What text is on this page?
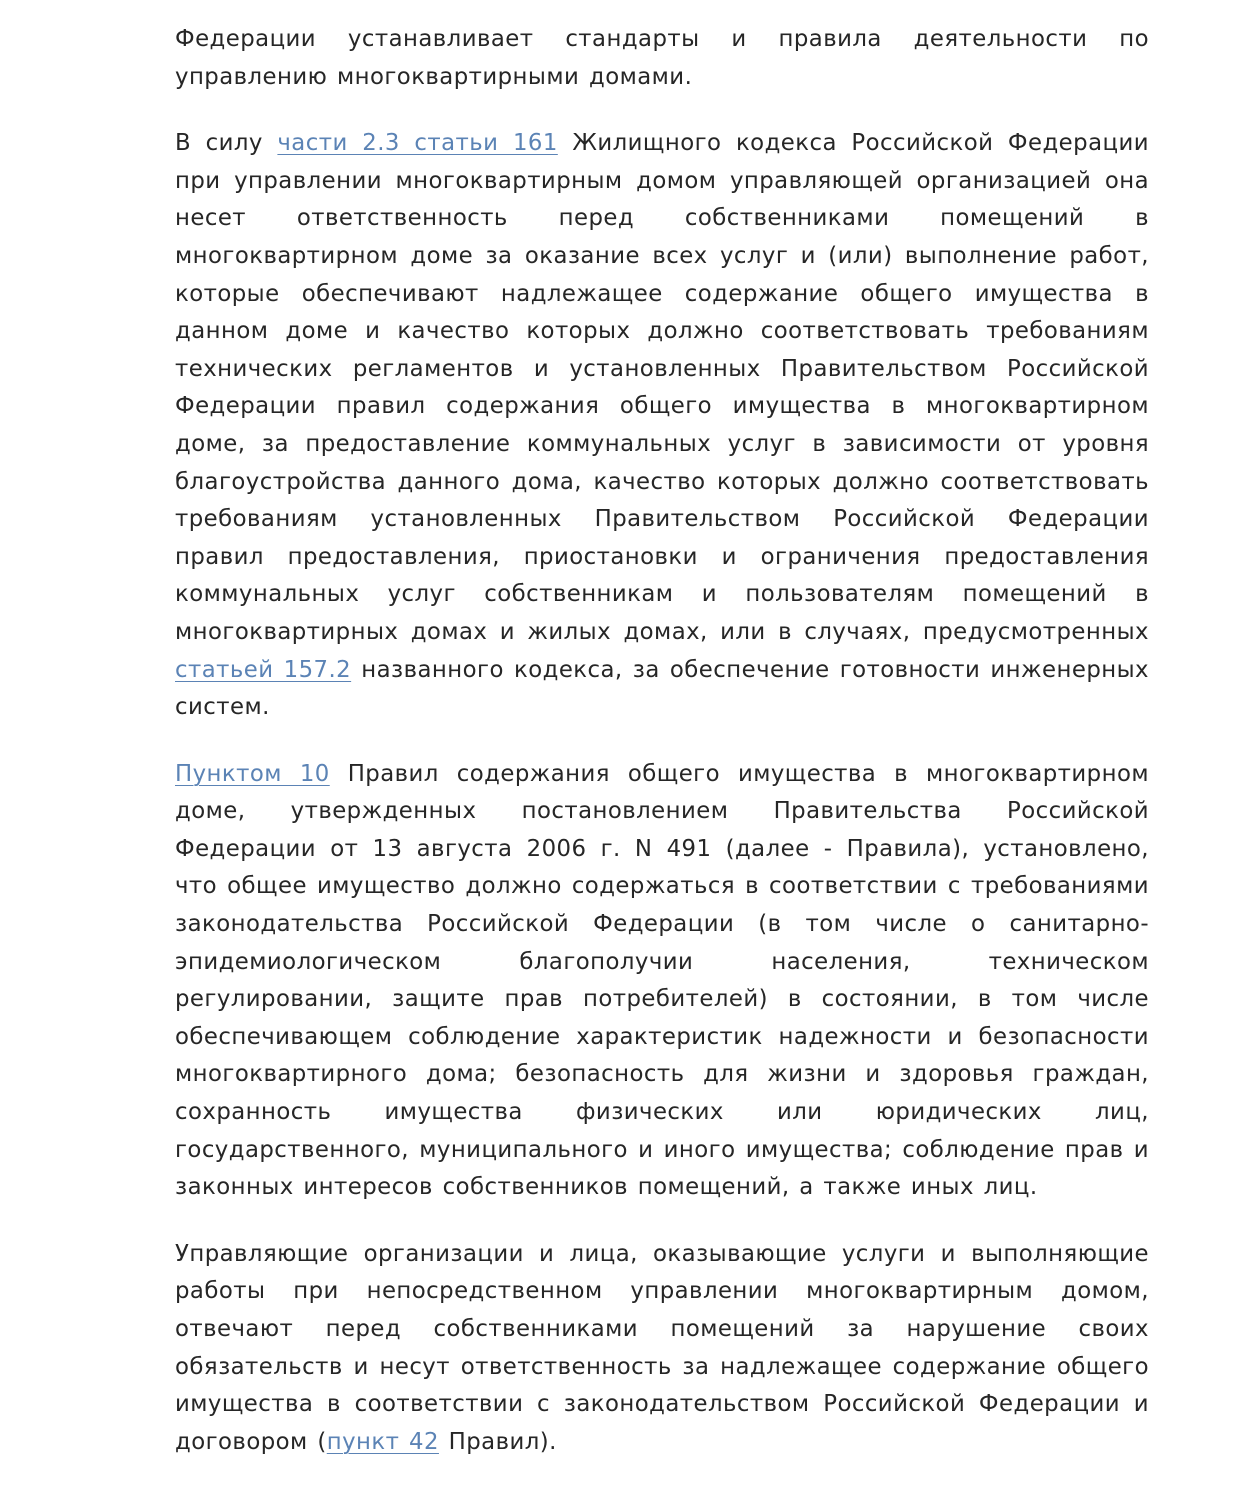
Федерации устанавливает стандарты и правила деятельности по управлению многоквартирными домами.

В силу части 2.3 статьи 161 Жилищного кодекса Российской Федерации при управлении многоквартирным домом управляющей организацией она несет ответственность перед собственниками помещений в многоквартирном доме за оказание всех услуг и (или) выполнение работ, которые обеспечивают надлежащее содержание общего имущества в данном доме и качество которых должно соответствовать требованиям технических регламентов и установленных Правительством Российской Федерации правил содержания общего имущества в многоквартирном доме, за предоставление коммунальных услуг в зависимости от уровня благоустройства данного дома, качество которых должно соответствовать требованиям установленных Правительством Российской Федерации правил предоставления, приостановки и ограничения предоставления коммунальных услуг собственникам и пользователям помещений в многоквартирных домах и жилых домах, или в случаях, предусмотренных статьей 157.2 названного кодекса, за обеспечение готовности инженерных систем.

Пунктом 10 Правил содержания общего имущества в многоквартирном доме, утвержденных постановлением Правительства Российской Федерации от 13 августа 2006 г. N 491 (далее - Правила), установлено, что общее имущество должно содержаться в соответствии с требованиями законодательства Российской Федерации (в том числе о санитарно-эпидемиологическом благополучии населения, техническом регулировании, защите прав потребителей) в состоянии, в том числе обеспечивающем соблюдение характеристик надежности и безопасности многоквартирного дома; безопасность для жизни и здоровья граждан, сохранность имущества физических или юридических лиц, государственного, муниципального и иного имущества; соблюдение прав и законных интересов собственников помещений, а также иных лиц.

Управляющие организации и лица, оказывающие услуги и выполняющие работы при непосредственном управлении многоквартирным домом, отвечают перед собственниками помещений за нарушение своих обязательств и несут ответственность за надлежащее содержание общего имущества в соответствии с законодательством Российской Федерации и договором (пункт 42 Правил).
